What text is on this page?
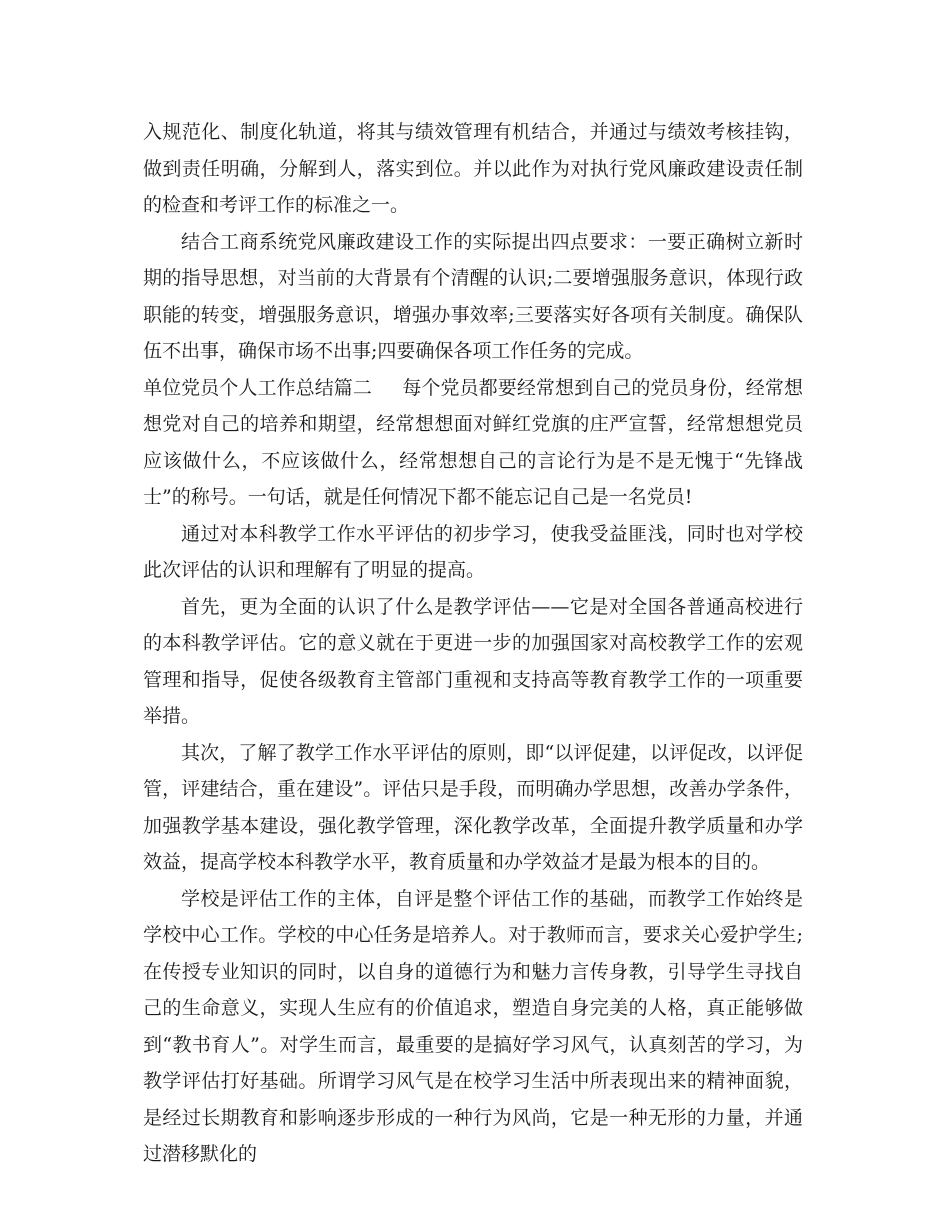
入规范化、制度化轨道，将其与绩效管理有机结合，并通过与绩效考核挂钩，做到责任明确，分解到人，落实到位。并以此作为对执行党风廉政建设责任制的检查和考评工作的标准之一。

结合工商系统党风廉政建设工作的实际提出四点要求：一要正确树立新时期的指导思想，对当前的大背景有个清醒的认识;二要增强服务意识，体现行政职能的转变，增强服务意识，增强办事效率;三要落实好各项有关制度。确保队伍不出事，确保市场不出事;四要确保各项工作任务的完成。

单位党员个人工作总结篇二 每个党员都要经常想到自己的党员身份，经常想想党对自己的培养和期望，经常想想面对鲜红党旗的庄严宣誓，经常想想党员应该做什么，不应该做什么，经常想想自己的言论行为是不是无愧于“先锋战士”的称号。一句话，就是任何情况下都不能忘记自己是一名党员!

通过对本科教学工作水平评估的初步学习，使我受益匪浅，同时也对学校此次评估的认识和理解有了明显的提高。

首先，更为全面的认识了什么是教学评估——它是对全国各普通高校进行的本科教学评估。它的意义就在于更进一步的加强国家对高校教学工作的宏观管理和指导，促使各级教育主管部门重视和支持高等教育教学工作的一项重要举措。

其次，了解了教学工作水平评估的原则，即“以评促建，以评促改，以评促管，评建结合，重在建设”。评估只是手段，而明确办学思想，改善办学条件，加强教学基本建设，强化教学管理，深化教学改革，全面提升教学质量和办学效益，提高学校本科教学水平，教育质量和办学效益才是最为根本的目的。

学校是评估工作的主体，自评是整个评估工作的基础，而教学工作始终是学校中心工作。学校的中心任务是培养人。对于教师而言，要求关心爱护学生;在传授专业知识的同时，以自身的道德行为和魅力言传身教，引导学生寻找自己的生命意义，实现人生应有的价值追求，塑造自身完美的人格，真正能够做到“教书育人”。对学生而言，最重要的是搞好学习风气，认真刻苦的学习，为教学评估打好基础。所谓学习风气是在校学习生活中所表现出来的精神面貌，是经过长期教育和影响逐步形成的一种行为风尚，它是一种无形的力量，并通过潜移默化的
